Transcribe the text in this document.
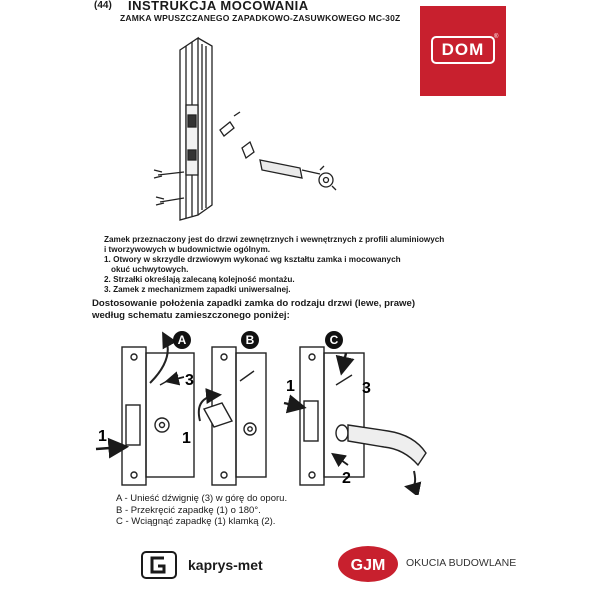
(44) INSTRUKCJA MOCOWANIA
ZAMKA WPUSZCZANEGO ZAPADKOWO-ZASUWKOWEGO MC-30Z
DOM
®

Zamek przeznaczony jest do drzwi zewnętrznych i wewnętrznych z profili aluminiowych

i tworzywowych w budownictwie ogólnym.

1. Otwory w skrzydle drzwiowym wykonać wg kształtu zamka i mocowanych

okuć uchwytowych.

2. Strzałki określają zalecaną kolejność montażu.

3. Zamek z mechanizmem zapadki uniwersalnej.

Dostosowanie położenia zapadki zamka do rodzaju drzwi (lewe, prawe)

według schematu zamieszczonego poniżej:

A
3
1
B
1
C
3
1
2

A - Unieść dźwignię (3) w górę do oporu.

B - Przekręcić zapadkę (1) o 180°.

C - Wciągnąć zapadkę (1) klamką (2).

kaprys-met	GJM OKUCIA BUDOWLANE
